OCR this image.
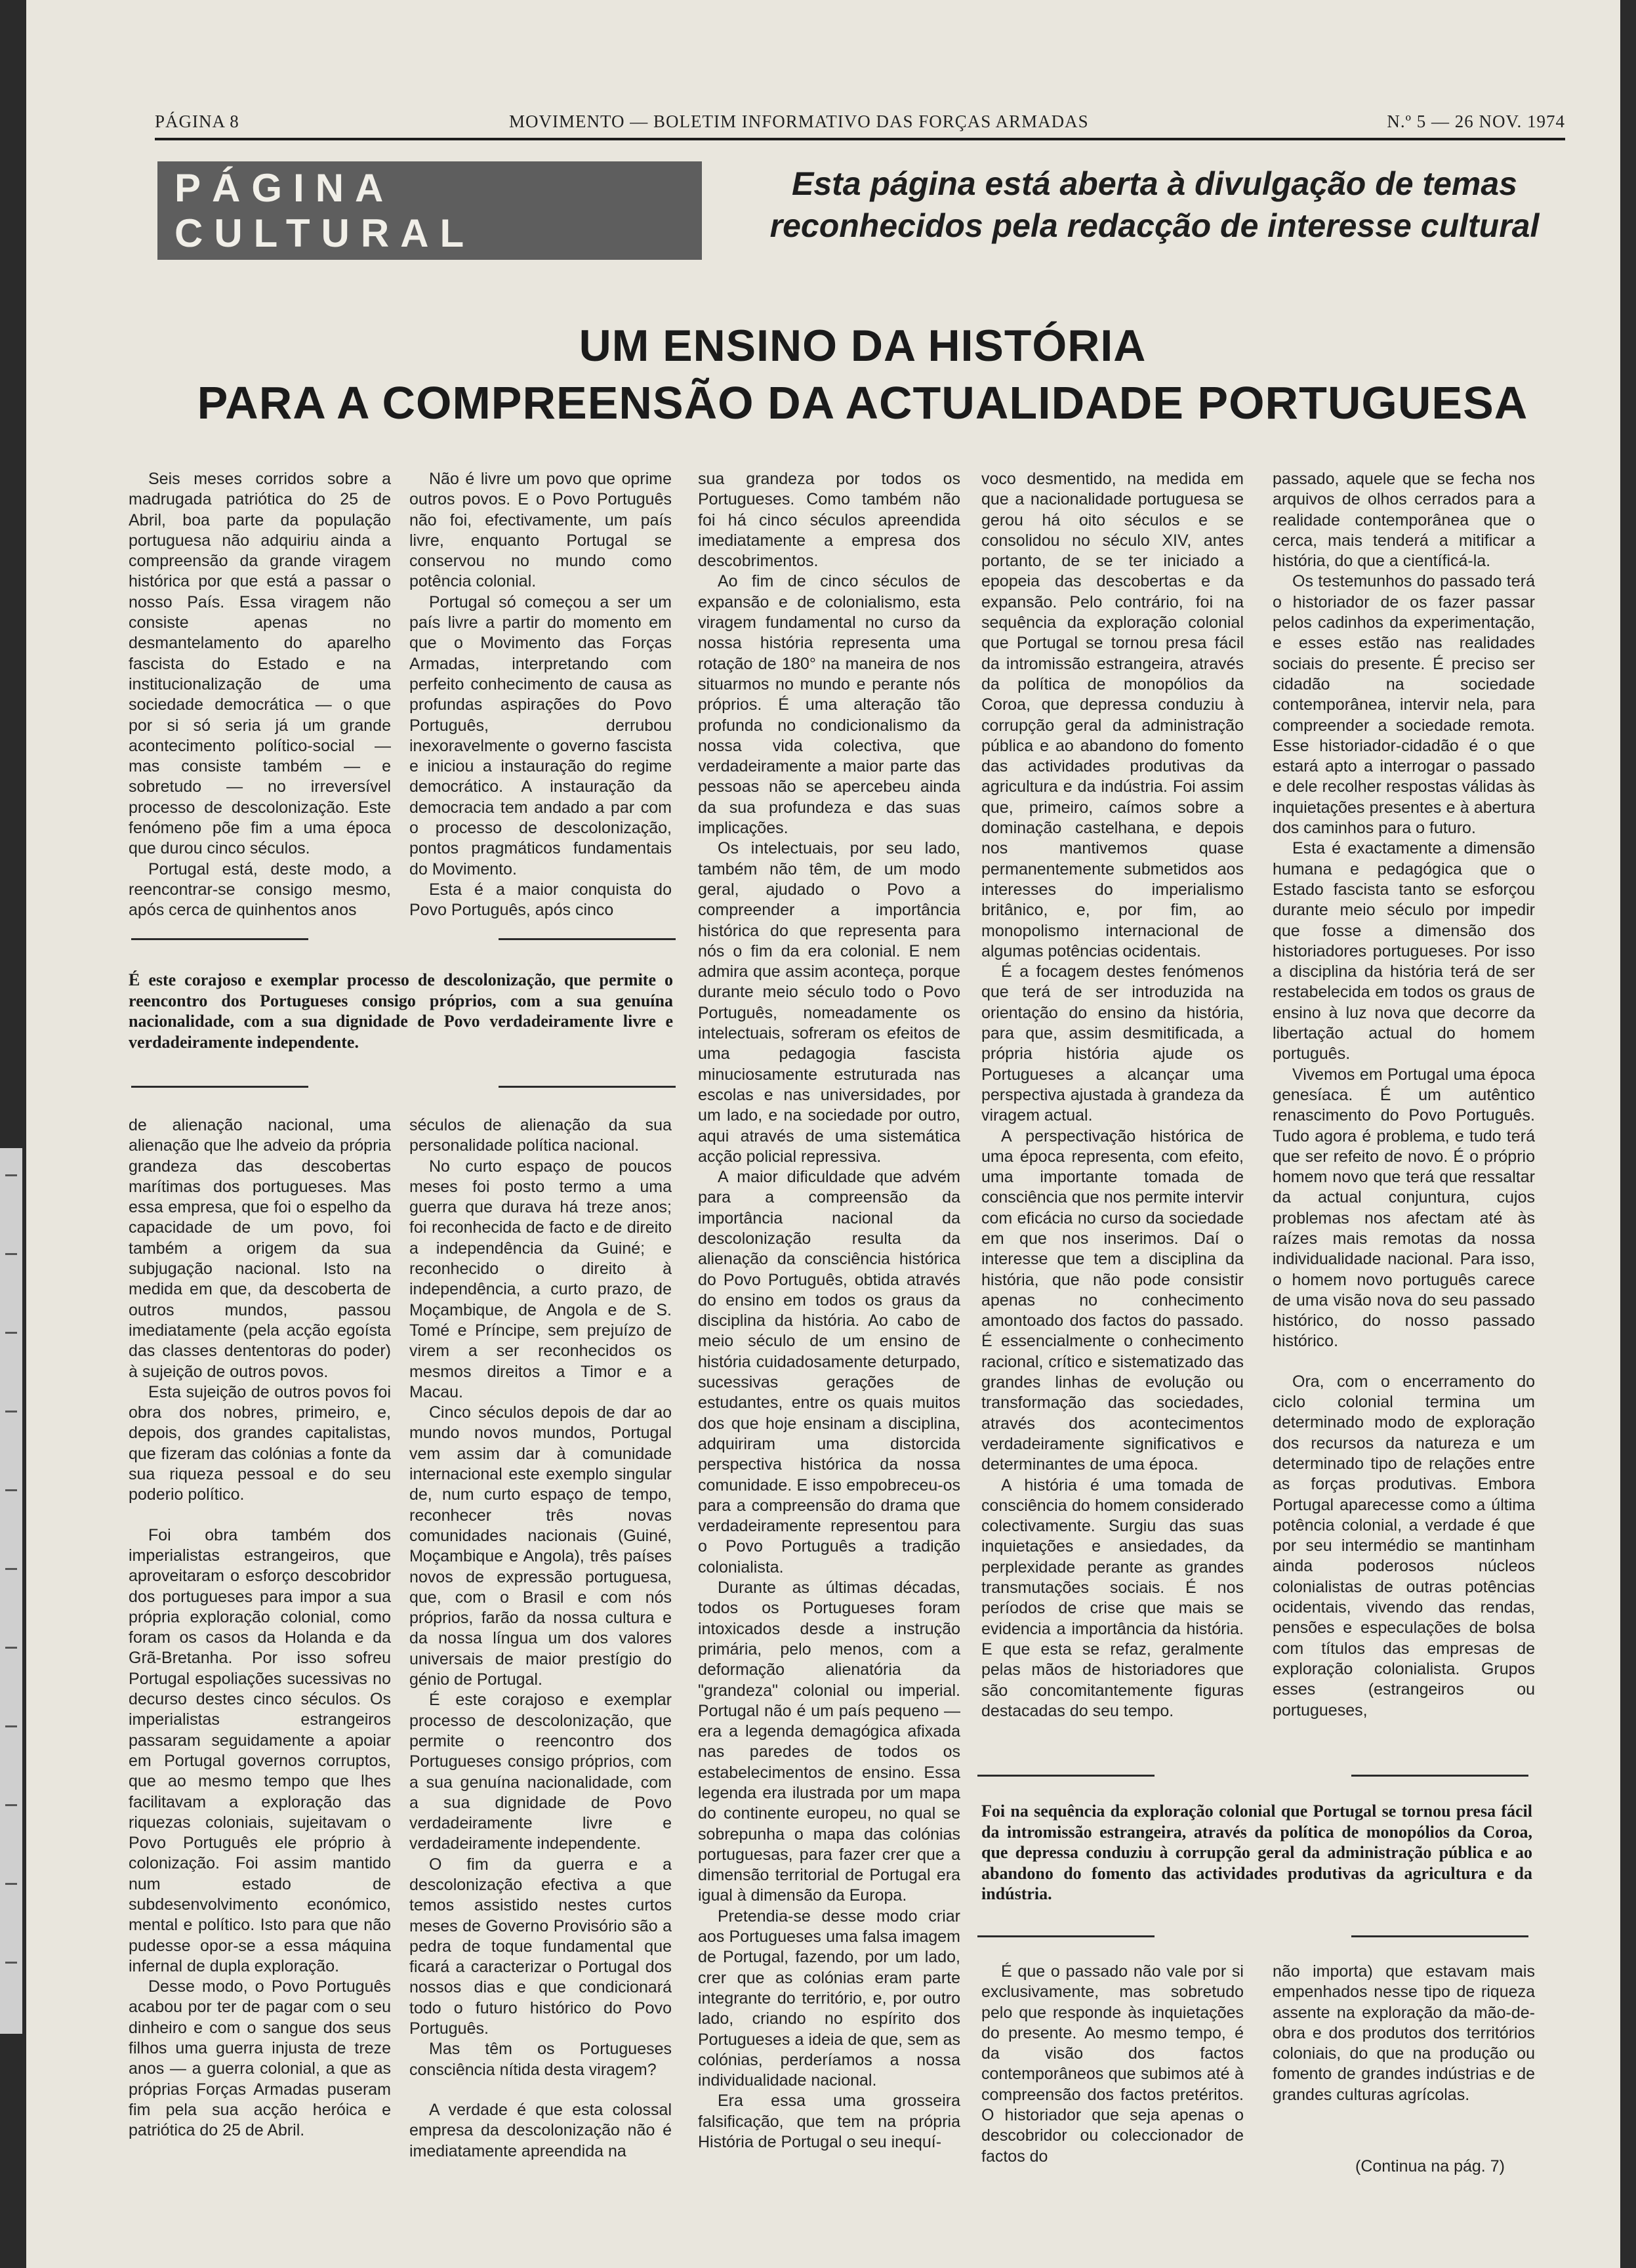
PÁGINA 8	MOVIMENTO — BOLETIM INFORMATIVO DAS FORÇAS ARMADAS	N.º 5 — 26 NOV. 1974
PÁGINA CULTURAL
Esta página está aberta à divulgação de temas reconhecidos pela redacção de interesse cultural
UM ENSINO DA HISTÓRIA
PARA A COMPREENSÃO DA ACTUALIDADE PORTUGUESA

Seis meses corridos sobre a madrugada patriótica do 25 de Abril, boa parte da população portuguesa não adquiriu ainda a compreensão da grande viragem histórica por que está a passar o nosso País. Essa viragem não consiste apenas no desmantelamento do aparelho fascista do Estado e na institucionalização de uma sociedade democrática — o que por si só seria já um grande acontecimento político-social — mas consiste também — e sobretudo — no irreversível processo de descolonização. Este fenómeno põe fim a uma época que durou cinco séculos.

Portugal está, deste modo, a reencontrar-se consigo mesmo, após cerca de quinhentos anos

Não é livre um povo que oprime outros povos. E o Povo Português não foi, efectivamente, um país livre, enquanto Portugal se conservou no mundo como potência colonial.

Portugal só começou a ser um país livre a partir do momento em que o Movimento das Forças Armadas, interpretando com perfeito conhecimento de causa as profundas aspirações do Povo Português, derrubou inexoravelmente o governo fascista e iniciou a instauração do regime democrático. A instauração da democracia tem andado a par com o processo de descolonização, pontos pragmáticos fundamentais do Movimento.

Esta é a maior conquista do Povo Português, após cinco

É este corajoso e exemplar processo de descolonização, que permite o reencontro dos Portugueses consigo próprios, com a sua genuína nacionalidade, com a sua dignidade de Povo verdadeiramente livre e verdadeiramente independente.

de alienação nacional, uma alienação que lhe adveio da própria grandeza das descobertas marítimas dos portugueses. Mas essa empresa, que foi o espelho da capacidade de um povo, foi também a origem da sua subjugação nacional. Isto na medida em que, da descoberta de outros mundos, passou imediatamente (pela acção egoísta das classes dententoras do poder) à sujeição de outros povos.

Esta sujeição de outros povos foi obra dos nobres, primeiro, e, depois, dos grandes capitalistas, que fizeram das colónias a fonte da sua riqueza pessoal e do seu poderio político.

Foi obra também dos imperialistas estrangeiros, que aproveitaram o esforço descobridor dos portugueses para impor a sua própria exploração colonial, como foram os casos da Holanda e da Grã-Bretanha. Por isso sofreu Portugal espoliações sucessivas no decurso destes cinco séculos. Os imperialistas estrangeiros passaram seguidamente a apoiar em Portugal governos corruptos, que ao mesmo tempo que lhes facilitavam a exploração das riquezas coloniais, sujeitavam o Povo Português ele próprio à colonização. Foi assim mantido num estado de subdesenvolvimento económico, mental e político. Isto para que não pudesse opor-se a essa máquina infernal de dupla exploração.

Desse modo, o Povo Português acabou por ter de pagar com o seu dinheiro e com o sangue dos seus filhos uma guerra injusta de treze anos — a guerra colonial, a que as próprias Forças Armadas puseram fim pela sua acção heróica e patriótica do 25 de Abril.

séculos de alienação da sua personalidade política nacional.

No curto espaço de poucos meses foi posto termo a uma guerra que durava há treze anos; foi reconhecida de facto e de direito a independência da Guiné; e reconhecido o direito à independência, a curto prazo, de Moçambique, de Angola e de S. Tomé e Príncipe, sem prejuízo de virem a ser reconhecidos os mesmos direitos a Timor e a Macau.

Cinco séculos depois de dar ao mundo novos mundos, Portugal vem assim dar à comunidade internacional este exemplo singular de, num curto espaço de tempo, reconhecer três novas comunidades nacionais (Guiné, Moçambique e Angola), três países novos de expressão portuguesa, que, com o Brasil e com nós próprios, farão da nossa cultura e da nossa língua um dos valores universais de maior prestígio do génio de Portugal.

É este corajoso e exemplar processo de descolonização, que permite o reencontro dos Portugueses consigo próprios, com a sua genuína nacionalidade, com a sua dignidade de Povo verdadeiramente livre e verdadeiramente independente.

O fim da guerra e a descolonização efectiva a que temos assistido nestes curtos meses de Governo Provisório são a pedra de toque fundamental que ficará a caracterizar o Portugal dos nossos dias e que condicionará todo o futuro histórico do Povo Português.

Mas têm os Portugueses consciência nítida desta viragem?

A verdade é que esta colossal empresa da descolonização não é imediatamente apreendida na

sua grandeza por todos os Portugueses. Como também não foi há cinco séculos apreendida imediatamente a empresa dos descobrimentos.

Ao fim de cinco séculos de expansão e de colonialismo, esta viragem fundamental no curso da nossa história representa uma rotação de 180° na maneira de nos situarmos no mundo e perante nós próprios. É uma alteração tão profunda no condicionalismo da nossa vida colectiva, que verdadeiramente a maior parte das pessoas não se apercebeu ainda da sua profundeza e das suas implicações.

Os intelectuais, por seu lado, também não têm, de um modo geral, ajudado o Povo a compreender a importância histórica do que representa para nós o fim da era colonial. E nem admira que assim aconteça, porque durante meio século todo o Povo Português, nomeadamente os intelectuais, sofreram os efeitos de uma pedagogia fascista minuciosamente estruturada nas escolas e nas universidades, por um lado, e na sociedade por outro, aqui através de uma sistemática acção policial repressiva.

A maior dificuldade que advém para a compreensão da importância nacional da descolonização resulta da alienação da consciência histórica do Povo Português, obtida através do ensino em todos os graus da disciplina da história. Ao cabo de meio século de um ensino de história cuidadosamente deturpado, sucessivas gerações de estudantes, entre os quais muitos dos que hoje ensinam a disciplina, adquiriram uma distorcida perspectiva histórica da nossa comunidade. E isso empobreceu-os para a compreensão do drama que verdadeiramente representou para o Povo Português a tradição colonialista.

Durante as últimas décadas, todos os Portugueses foram intoxicados desde a instrução primária, pelo menos, com a deformação alienatória da "grandeza" colonial ou imperial. Portugal não é um país pequeno — era a legenda demagógica afixada nas paredes de todos os estabelecimentos de ensino. Essa legenda era ilustrada por um mapa do continente europeu, no qual se sobrepunha o mapa das colónias portuguesas, para fazer crer que a dimensão territorial de Portugal era igual à dimensão da Europa.

Pretendia-se desse modo criar aos Portugueses uma falsa imagem de Portugal, fazendo, por um lado, crer que as colónias eram parte integrante do território, e, por outro lado, criando no espírito dos Portugueses a ideia de que, sem as colónias, perderíamos a nossa individualidade nacional.

Era essa uma grosseira falsificação, que tem na própria História de Portugal o seu inequí-

voco desmentido, na medida em que a nacionalidade portuguesa se gerou há oito séculos e se consolidou no século XIV, antes portanto, de se ter iniciado a epopeia das descobertas e da expansão. Pelo contrário, foi na sequência da exploração colonial que Portugal se tornou presa fácil da intromissão estrangeira, através da política de monopólios da Coroa, que depressa conduziu à corrupção geral da administração pública e ao abandono do fomento das actividades produtivas da agricultura e da indústria. Foi assim que, primeiro, caímos sobre a dominação castelhana, e depois nos mantivemos quase permanentemente submetidos aos interesses do imperialismo britânico, e, por fim, ao monopolismo internacional de algumas potências ocidentais.

É a focagem destes fenómenos que terá de ser introduzida na orientação do ensino da história, para que, assim desmitificada, a própria história ajude os Portugueses a alcançar uma perspectiva ajustada à grandeza da viragem actual.

A perspectivação histórica de uma época representa, com efeito, uma importante tomada de consciência que nos permite intervir com eficácia no curso da sociedade em que nos inserimos. Daí o interesse que tem a disciplina da história, que não pode consistir apenas no conhecimento amontoado dos factos do passado. É essencialmente o conhecimento racional, crítico e sistematizado das grandes linhas de evolução ou transformação das sociedades, através dos acontecimentos verdadeiramente significativos e determinantes de uma época.

A história é uma tomada de consciência do homem considerado colectivamente. Surgiu das suas inquietações e ansiedades, da perplexidade perante as grandes transmutações sociais. É nos períodos de crise que mais se evidencia a importância da história. E que esta se refaz, geralmente pelas mãos de historiadores que são concomitantemente figuras destacadas do seu tempo.

passado, aquele que se fecha nos arquivos de olhos cerrados para a realidade contemporânea que o cerca, mais tenderá a mitificar a história, do que a científicá-la.

Os testemunhos do passado terá o historiador de os fazer passar pelos cadinhos da experimentação, e esses estão nas realidades sociais do presente. É preciso ser cidadão na sociedade contemporânea, intervir nela, para compreender a sociedade remota. Esse historiador-cidadão é o que estará apto a interrogar o passado e dele recolher respostas válidas às inquietações presentes e à abertura dos caminhos para o futuro.

Esta é exactamente a dimensão humana e pedagógica que o Estado fascista tanto se esforçou durante meio século por impedir que fosse a dimensão dos historiadores portugueses. Por isso a disciplina da história terá de ser restabelecida em todos os graus de ensino à luz nova que decorre da libertação actual do homem português.

Vivemos em Portugal uma época genesíaca. É um autêntico renascimento do Povo Português. Tudo agora é problema, e tudo terá que ser refeito de novo. É o próprio homem novo que terá que ressaltar da actual conjuntura, cujos problemas nos afectam até às raízes mais remotas da nossa individualidade nacional. Para isso, o homem novo português carece de uma visão nova do seu passado histórico, do nosso passado histórico.

Ora, com o encerramento do ciclo colonial termina um determinado modo de exploração dos recursos da natureza e um determinado tipo de relações entre as forças produtivas. Embora Portugal aparecesse como a última potência colonial, a verdade é que por seu intermédio se mantinham ainda poderosos núcleos colonialistas de outras potências ocidentais, vivendo das rendas, pensões e especulações de bolsa com títulos das empresas de exploração colonialista. Grupos esses (estrangeiros ou portugueses,

Foi na sequência da exploração colonial que Portugal se tornou presa fácil da intromissão estrangeira, através da política de monopólios da Coroa, que depressa conduziu à corrupção geral da administração pública e ao abandono do fomento das actividades produtivas da agricultura e da indústria.

É que o passado não vale por si exclusivamente, mas sobretudo pelo que responde às inquietações do presente. Ao mesmo tempo, é da visão dos factos contemporâneos que subimos até à compreensão dos factos pretéritos. O historiador que seja apenas o descobridor ou coleccionador de factos do

não importa) que estavam mais empenhados nesse tipo de riqueza assente na exploração da mão-de-obra e dos produtos dos territórios coloniais, do que na produção ou fomento de grandes indústrias e de grandes culturas agrícolas.

(Continua na pág. 7)
